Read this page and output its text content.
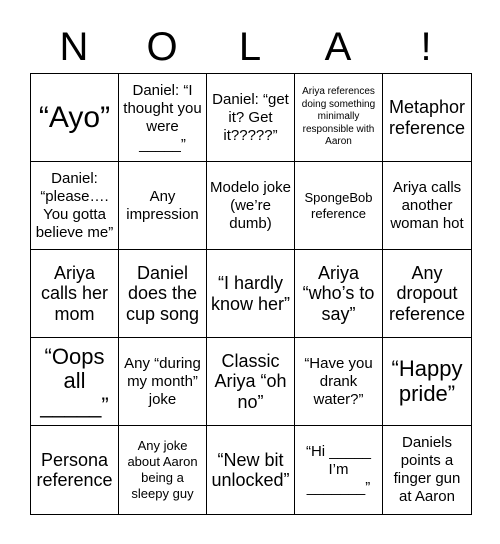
N	O	L	A	!
“Ayo”
Daniel: “I thought you were _____”
Daniel: “get it? Get it?????”
Ariya references doing something minimally responsible with Aaron
Metaphor reference
Daniel: “please…. You gotta believe me”
Any impression
Modelo joke (we’re dumb)
SpongeBob reference
Ariya calls another woman hot
Ariya calls her mom
Daniel does the cup song
“I hardly know her”
Ariya “who’s to say”
Any dropout reference
“Oops all _____”
Any “during my month” joke
Classic Ariya “oh no”
“Have you drank water?”
“Happy pride”
Persona reference
Any joke about Aaron being a sleepy guy
“New bit unlocked”
“Hi _____ I’m _______”
Daniels points a finger gun at Aaron
